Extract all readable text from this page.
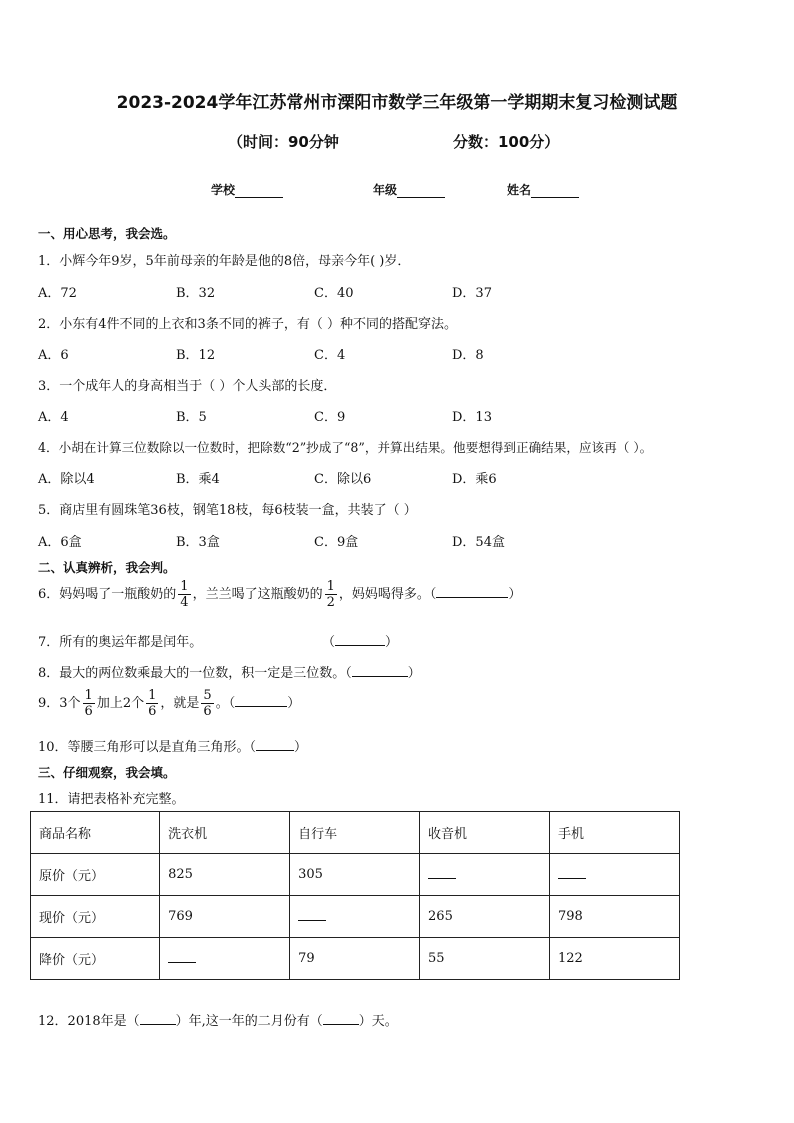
2023-2024学年江苏常州市溧阳市数学三年级第一学期期末复习检测试题
（时间：90分钟	分数：100分）
学校	年级	姓名
一、用心思考，我会选。
1．小辉今年9岁，5年前母亲的年龄是他的8倍，母亲今年( )岁．
A．72	B．32	C．40	D．37
2．小东有4件不同的上衣和3条不同的裤子，有（ ）种不同的搭配穿法。
A．6	B．12	C．4	D．8
3．一个成年人的身高相当于（ ）个人头部的长度．
A．4	B．5	C．9	D．13
4．小胡在计算三位数除以一位数时，把除数“2”抄成了“8”，并算出结果。他要想得到正确结果，应该再（ ）。
A．除以4	B．乘4	C．除以6	D．乘6
5．商店里有圆珠笔36枝，钢笔18枝，每6枝装一盒，共装了（ ）
A．6盒	B．3盒	C．9盒	D．54盒
二、认真辨析，我会判。
6．妈妈喝了一瓶酸奶的 $\frac{1}{4}$ ，兰兰喝了这瓶酸奶的 $\frac{1}{2}$ ，妈妈喝得多。（	）
7．所有的奥运年都是闰年。	（	）
8．最大的两位数乘最大的一位数，积一定是三位数。（	）
9．3个 $\frac{1}{6}$ 加上2个 $\frac{1}{6}$ ，就是 $\frac{5}{6}$ 。（	）
10．等腰三角形可以是直角三角形。（	）
三、仔细观察，我会填。
11．请把表格补充完整。
商品名称	洗衣机	自行车	收音机	手机
原价（元）	825	305		
现价（元）	769		265	798
降价（元）		79	55	122
12．2018年是（	）年,这一年的二月份有（	）天。
